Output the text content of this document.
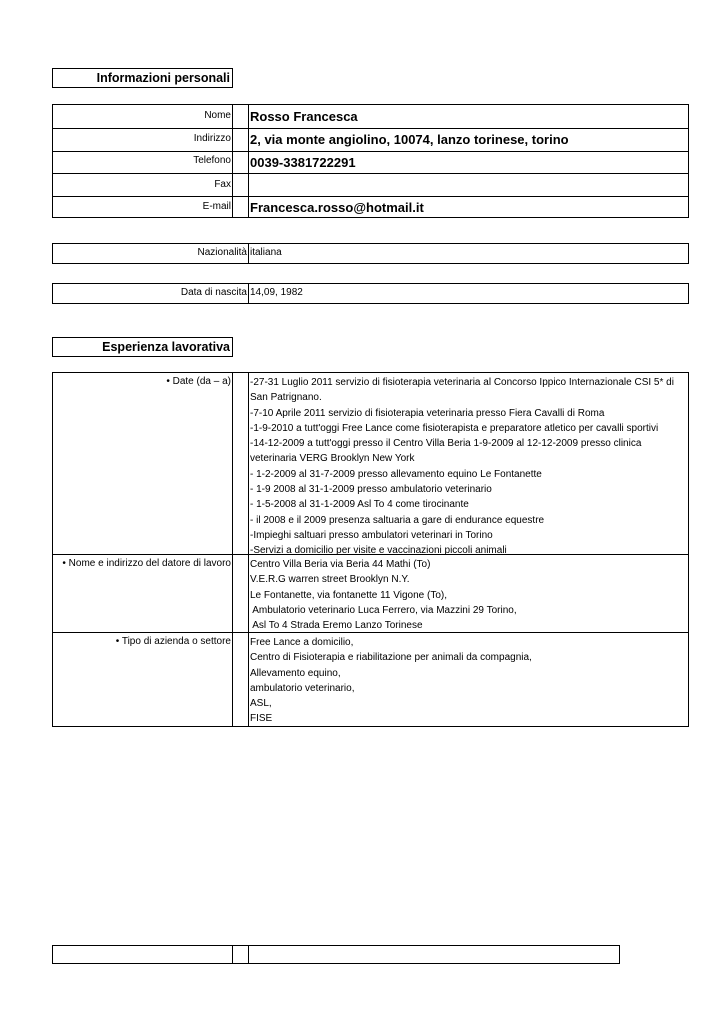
Informazioni personali
Nome Rosso Francesca
Indirizzo 2, via monte angiolino, 10074, lanzo torinese, torino
Telefono 0039-3381722291
Fax
E-mail Francesca.rosso@hotmail.it
Nazionalità italiana
Data di nascita 14,09, 1982
Esperienza lavorativa
• Date (da – a) -27-31 Luglio 2011 servizio di fisioterapia veterinaria al Concorso Ippico Internazionale CSI 5* di
San Patrignano.
-7-10 Aprile 2011 servizio di fisioterapia veterinaria presso Fiera Cavalli di Roma
-1-9-2010 a tutt'oggi Free Lance come fisioterapista e preparatore atletico per cavalli sportivi
-14-12-2009 a tutt'oggi presso il Centro Villa Beria 1-9-2009 al 12-12-2009 presso clinica
veterinaria VERG Brooklyn New York
- 1-2-2009 al 31-7-2009 presso allevamento equino Le Fontanette
- 1-9 2008 al 31-1-2009 presso ambulatorio veterinario
- 1-5-2008 al 31-1-2009 Asl To 4 come tirocinante
- il 2008 e il 2009 presenza saltuaria a gare di endurance equestre
-Impieghi saltuari presso ambulatori veterinari in Torino
-Servizi a domicilio per visite e vaccinazioni piccoli animali
• Nome e indirizzo del datore di lavoro Centro Villa Beria via Beria 44 Mathi (To)
V.E.R.G warren street Brooklyn N.Y.
Le Fontanette, via fontanette 11 Vigone (To),
Ambulatorio veterinario Luca Ferrero, via Mazzini 29 Torino,
Asl To 4 Strada Eremo Lanzo Torinese
• Tipo di azienda o settore Free Lance a domicilio,
Centro di Fisioterapia e riabilitazione per animali da compagnia,
Allevamento equino,
ambulatorio veterinario,
ASL,
FISE
